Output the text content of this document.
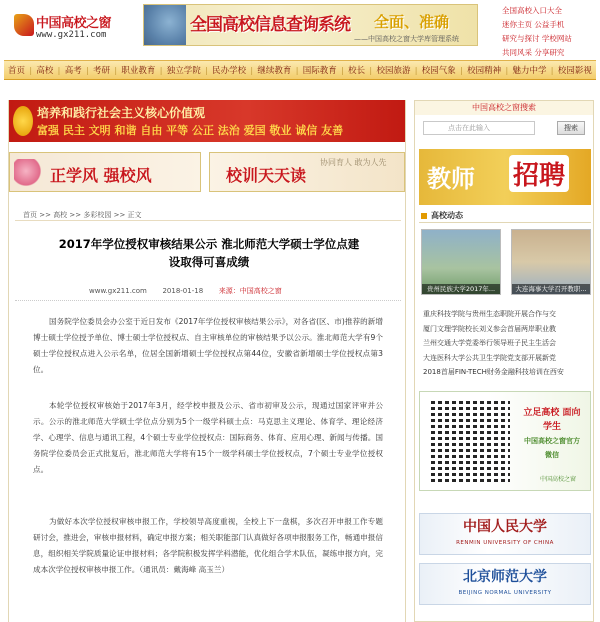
中国高校之窗
www.gx211.com	全国高校信息查询系统 全面、准确
——中国高校之窗大学库管理系统
全国高校入口大全
迷你主页 公益手机
研究与探讨 学校网站
共同风采 分享研究
首页 | 高校 | 高考 | 考研 | 职业教育 | 独立学院 | 民办学校 | 继续教育 | 国际教育 | 校长 | 校园旅游 | 校园气象 | 校园精神 | 魅力中学 | 校园影视
培养和践行社会主义核心价值观
富强 民主 文明 和谐 自由 平等 公正 法治 爱国 敬业 诚信 友善
正学风 强校风	校训天天读
协同育人 敢为人先
首页 >> 高校 >> 多彩校园 >> 正文
2017年学位授权审核结果公示 淮北师范大学硕士学位点建
设取得可喜成绩
www.gx211.com 2018-01-18 来源：中国高校之窗
国务院学位委员会办公室于近日发布《2017年学位授权审核结果公示》，对各省(区、市)推荐的新增博士硕士学位授予单位、博士硕士学位授权点、自主审核单位的审核结果予以公示。淮北师范大学有9个硕士学位授权点进入公示名单，位居全国新增硕士学位授权点第44位，安徽省新增硕士学位授权点第3位。
本轮学位授权审核始于2017年3月，经学校申报及公示、省市初审及公示，现通过国家评审并公示。公示的淮北师范大学硕士学位点分别为5个一级学科硕士点：马克思主义理论、体育学、理论经济学、心理学、信息与通讯工程，4个硕士专业学位授权点：国际商务、体育、应用心理、新闻与传播。国务院学位委员会正式批复后，淮北师范大学将有15个一级学科硕士学位授权点，7个硕士专业学位授权点。
为做好本次学位授权审核申报工作，学校领导高度重视，全校上下一盘棋，多次召开申报工作专题研讨会，推进会，审核申报材料，确定申报方案；相关职能部门认真做好各项申报服务工作，畅通申报信息，组织相关学院质量论证申报材料；各学院积极发挥学科潜能，优化组合学术队伍，凝练申报方向，完成本次学位授权审核申报工作。（通讯员：戴海峰 高玉兰）
中国高校之窗搜索
点击在此输入	搜索
教师 招聘
高校动态
贵州民族大学2017年...	大连海事大学召开教职...
重庆科技学院与贵州生态职院开展合作与交
厦门文理学院校长刘义参会首届两岸职业教
兰州交通大学党委举行领导班子民主生活会
大连医科大学公共卫生学院党支部开展新党
2018首届FIN-TECH财务金融科技培训在西安
立足高校 面向学生
中国高校之窗官方微信
中国高校之窗
中国人民大学
RENMIN UNIVERSITY OF CHINA
北京师范大学
BEIJING NORMAL UNIVERSITY
